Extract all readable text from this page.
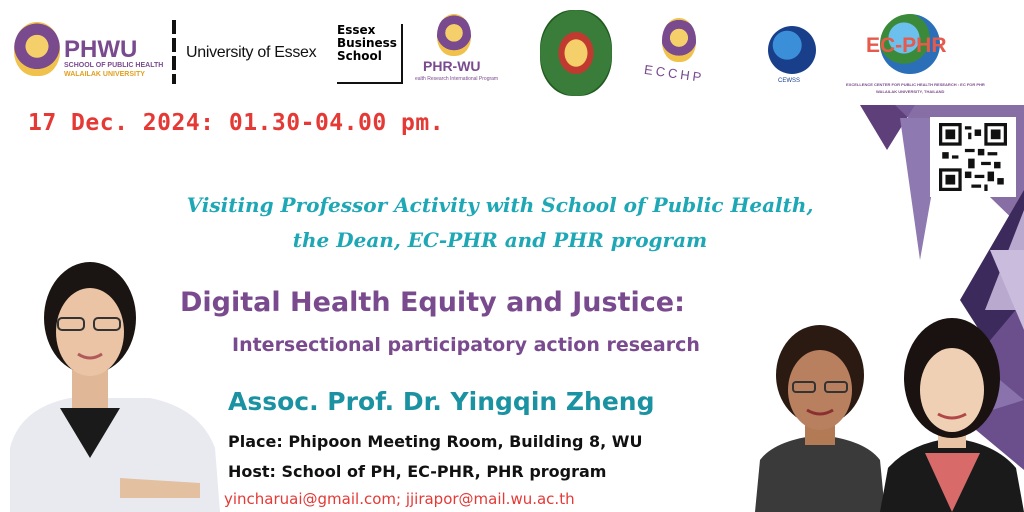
PHWU
SCHOOL OF PUBLIC HEALTH
WALAILAK UNIVERSITY
University of Essex
Essex
Business
School
PHR-WU
ealth Research International Program	ECCHP	CEWSS
EC-PHR
EXCELLENCE CENTER FOR PUBLIC HEALTH RESEARCH : EC FOR PHR
WALAILAK UNIVERSITY, THAILAND
17 Dec. 2024: 01.30-04.00 pm.
Visiting Professor Activity with School of Public Health,
the Dean, EC-PHR and PHR program
Digital Health Equity and Justice:
Intersectional participatory action research
Assoc. Prof. Dr. Yingqin Zheng
Place: Phipoon Meeting Room, Building 8, WU
Host: School of PH, EC-PHR, PHR program
yincharuai@gmail.com; jjirapor@mail.wu.ac.th
